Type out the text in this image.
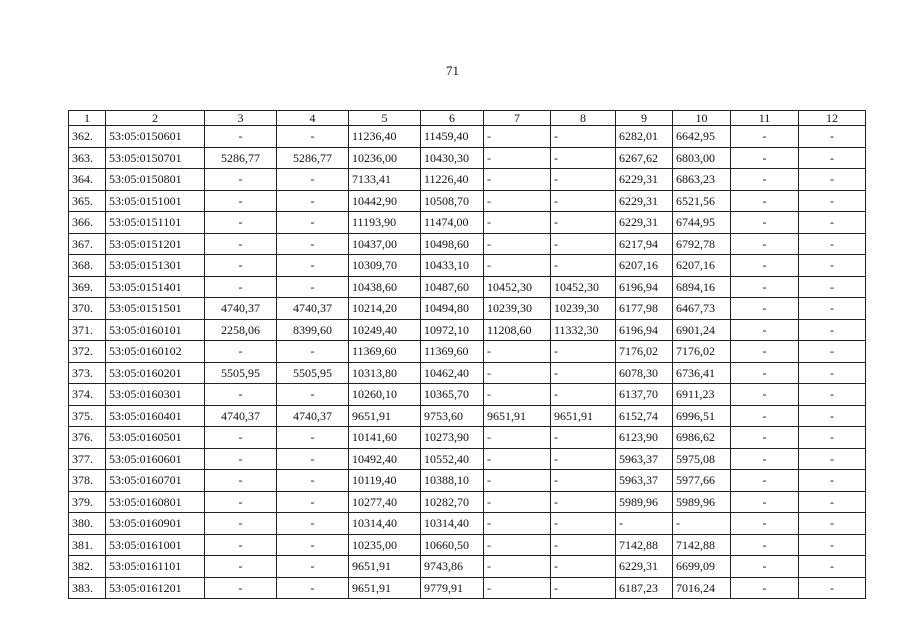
71
1	2	3	4	5	6	7	8	9	10	11	12
362.	53:05:0150601	-	-	11236,40	11459,40	-	-	6282,01	6642,95	-	-
363.	53:05:0150701	5286,77	5286,77	10236,00	10430,30	-	-	6267,62	6803,00	-	-
364.	53:05:0150801	-	-	7133,41	11226,40	-	-	6229,31	6863,23	-	-
365.	53:05:0151001	-	-	10442,90	10508,70	-	-	6229,31	6521,56	-	-
366.	53:05:0151101	-	-	11193,90	11474,00	-	-	6229,31	6744,95	-	-
367.	53:05:0151201	-	-	10437,00	10498,60	-	-	6217,94	6792,78	-	-
368.	53:05:0151301	-	-	10309,70	10433,10	-	-	6207,16	6207,16	-	-
369.	53:05:0151401	-	-	10438,60	10487,60	10452,30	10452,30	6196,94	6894,16	-	-
370.	53:05:0151501	4740,37	4740,37	10214,20	10494,80	10239,30	10239,30	6177,98	6467,73	-	-
371.	53:05:0160101	2258,06	8399,60	10249,40	10972,10	11208,60	11332,30	6196,94	6901,24	-	-
372.	53:05:0160102	-	-	11369,60	11369,60	-	-	7176,02	7176,02	-	-
373.	53:05:0160201	5505,95	5505,95	10313,80	10462,40	-	-	6078,30	6736,41	-	-
374.	53:05:0160301	-	-	10260,10	10365,70	-	-	6137,70	6911,23	-	-
375.	53:05:0160401	4740,37	4740,37	9651,91	9753,60	9651,91	9651,91	6152,74	6996,51	-	-
376.	53:05:0160501	-	-	10141,60	10273,90	-	-	6123,90	6986,62	-	-
377.	53:05:0160601	-	-	10492,40	10552,40	-	-	5963,37	5975,08	-	-
378.	53:05:0160701	-	-	10119,40	10388,10	-	-	5963,37	5977,66	-	-
379.	53:05:0160801	-	-	10277,40	10282,70	-	-	5989,96	5989,96	-	-
380.	53:05:0160901	-	-	10314,40	10314,40	-	-	-	-	-	-
381.	53:05:0161001	-	-	10235,00	10660,50	-	-	7142,88	7142,88	-	-
382.	53:05:0161101	-	-	9651,91	9743,86	-	-	6229,31	6699,09	-	-
383.	53:05:0161201	-	-	9651,91	9779,91	-	-	6187,23	7016,24	-	-
